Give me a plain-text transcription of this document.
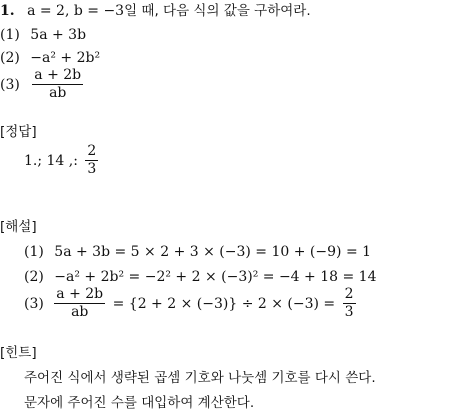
1. a = 2, b = −3일 때, 다음 식의 값을 구하여라.
(1) 5a + 3b
(2) −a² + 2b²
$(3) \frac{a + 2b}{ab}$
[정답]
1.; 14 ,: $\frac{2}{3}$
[해설]
(1) 5a + 3b = 5 × 2 + 3 × (−3) = 10 + (−9) = 1
(2) −a² + 2b² = −2² + 2 × (−3)² = −4 + 18 = 14
$(3) \frac{a + 2b}{ab} = \{2 + 2 \times (-3)\} \div 2 \times (-3) = \frac{2}{3}$
[힌트]
주어진 식에서 생략된 곱셈 기호와 나눗셈 기호를 다시 쓴다.
문자에 주어진 수를 대입하여 계산한다.
